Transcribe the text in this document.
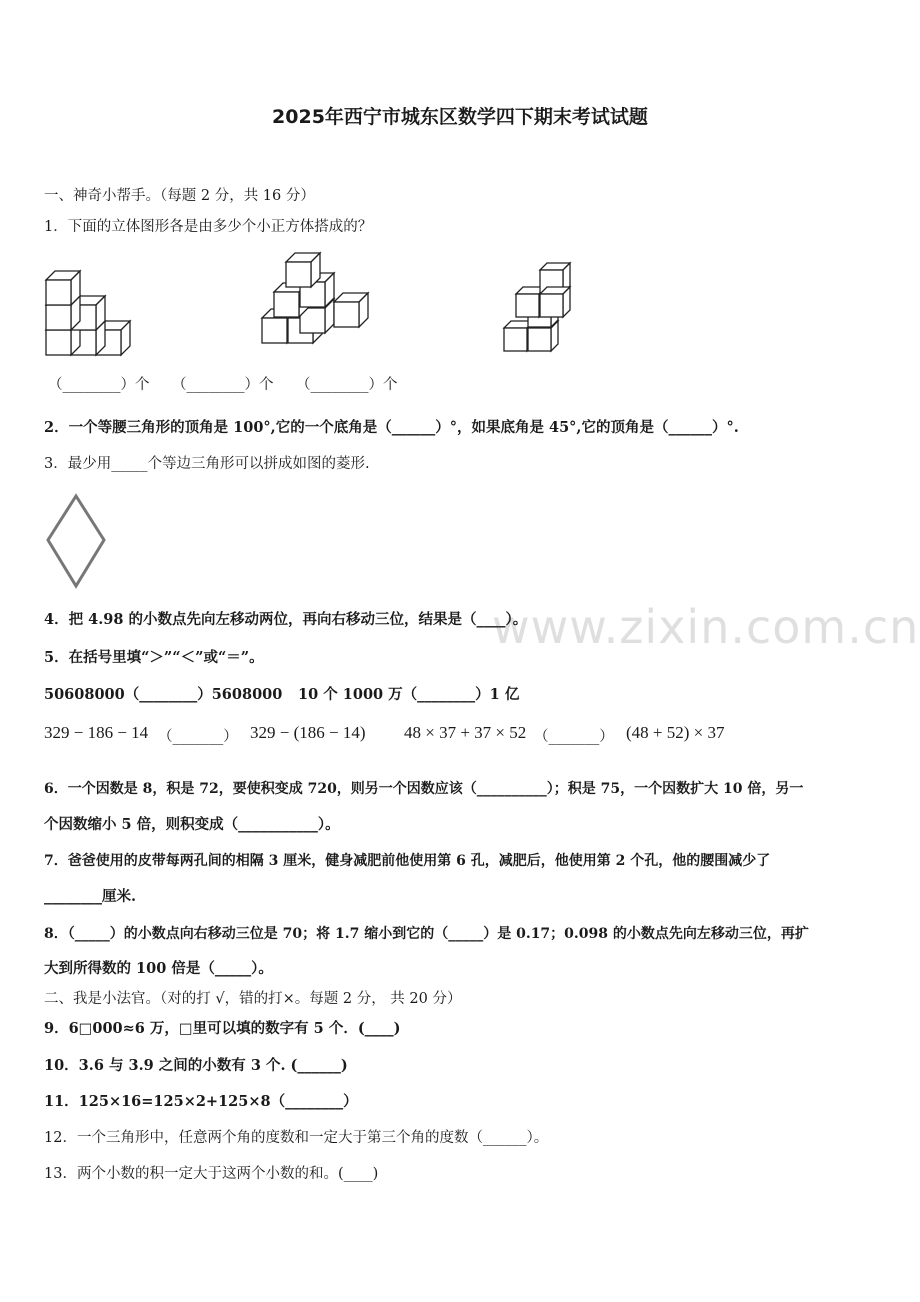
2025年西宁市城东区数学四下期末考试试题
一、神奇小帮手。（每题 2 分，共 16 分）
1．下面的立体图形各是由多少个小正方体搭成的？
（________）个 （________）个 （________）个
2．一个等腰三角形的顶角是 100°,它的一个底角是（______）°，如果底角是 45°,它的顶角是（______）°.
3．最少用_____个等边三角形可以拼成如图的菱形.
www.zixin.com.cn
4．把 4.98 的小数点先向左移动两位，再向右移动三位，结果是（____）。
5．在括号里填“＞”“＜”或“＝”。
50608000（________）5608000 10 个 1000 万（________）1 亿
329 − 186 − 14 （_______） 329 − (186 − 14) 48 × 37 + 37 × 52 （_______） (48 + 52) × 37
6．一个因数是 8，积是 72，要使积变成 720，则另一个因数应该（__________）；积是 75，一个因数扩大 10 倍，另一
个因数缩小 5 倍，则积变成（___________）。
7．爸爸使用的皮带每两孔间的相隔 3 厘米，健身减肥前他使用第 6 孔，减肥后，他使用第 2 个孔，他的腰围减少了
________厘米.
8．（_____）的小数点向右移动三位是 70；将 1.7 缩小到它的（_____）是 0.17；0.098 的小数点先向左移动三位，再扩
大到所得数的 100 倍是（_____）。
二、我是小法官。（对的打 √，错的打×。每题 2 分， 共 20 分）
9．6□000≈6 万，□里可以填的数字有 5 个．(____)
10．3.6 与 3.9 之间的小数有 3 个. (______)
11．125×16=125×2+125×8（________）
12．一个三角形中，任意两个角的度数和一定大于第三个角的度数（______）。
13．两个小数的积一定大于这两个小数的和。(____)
